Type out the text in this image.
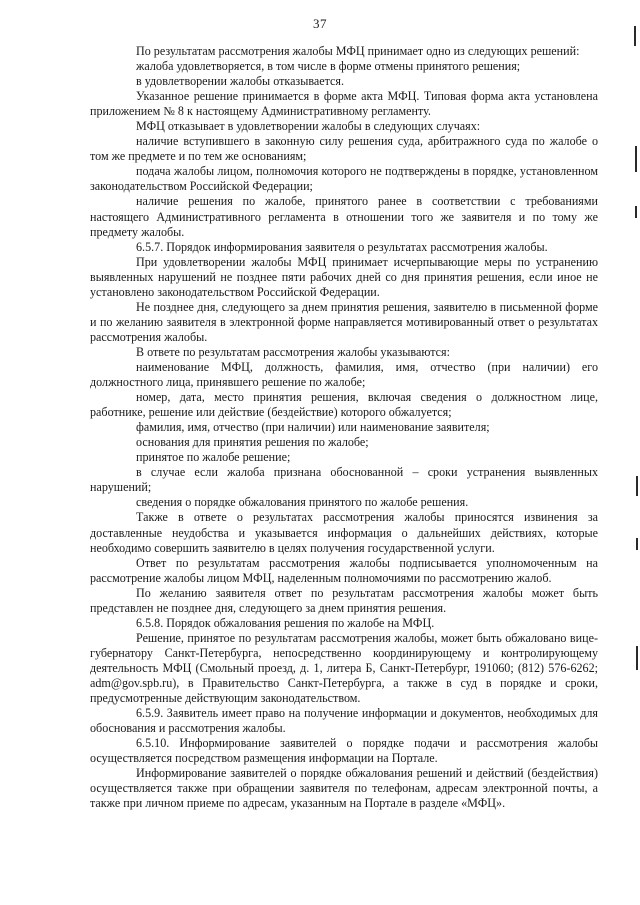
37

По результатам рассмотрения жалобы МФЦ принимает одно из следующих решений:

жалоба удовлетворяется, в том числе в форме отмены принятого решения;

в удовлетворении жалобы отказывается.

Указанное решение принимается в форме акта МФЦ. Типовая форма акта установлена приложением № 8 к настоящему Административному регламенту.

МФЦ отказывает в удовлетворении жалобы в следующих случаях:

наличие вступившего в законную силу решения суда, арбитражного суда по жалобе о том же предмете и по тем же основаниям;

подача жалобы лицом, полномочия которого не подтверждены в порядке, установленном законодательством Российской Федерации;

наличие решения по жалобе, принятого ранее в соответствии с требованиями настоящего Административного регламента в отношении того же заявителя и по тому же предмету жалобы.

6.5.7. Порядок информирования заявителя о результатах рассмотрения жалобы.

При удовлетворении жалобы МФЦ принимает исчерпывающие меры по устранению выявленных нарушений не позднее пяти рабочих дней со дня принятия решения, если иное не установлено законодательством Российской Федерации.

Не позднее дня, следующего за днем принятия решения, заявителю в письменной форме и по желанию заявителя в электронной форме направляется мотивированный ответ о результатах рассмотрения жалобы.

В ответе по результатам рассмотрения жалобы указываются:

наименование МФЦ, должность, фамилия, имя, отчество (при наличии) его должностного лица, принявшего решение по жалобе;

номер, дата, место принятия решения, включая сведения о должностном лице, работнике, решение или действие (бездействие) которого обжалуется;

фамилия, имя, отчество (при наличии) или наименование заявителя;

основания для принятия решения по жалобе;

принятое по жалобе решение;

в случае если жалоба признана обоснованной – сроки устранения выявленных нарушений;

сведения о порядке обжалования принятого по жалобе решения.

Также в ответе о результатах рассмотрения жалобы приносятся извинения за доставленные неудобства и указывается информация о дальнейших действиях, которые необходимо совершить заявителю в целях получения государственной услуги.

Ответ по результатам рассмотрения жалобы подписывается уполномоченным на рассмотрение жалобы лицом МФЦ, наделенным полномочиями по рассмотрению жалоб.

По желанию заявителя ответ по результатам рассмотрения жалобы может быть представлен не позднее дня, следующего за днем принятия решения.

6.5.8. Порядок обжалования решения по жалобе на МФЦ.

Решение, принятое по результатам рассмотрения жалобы, может быть обжаловано вице-губернатору Санкт-Петербурга, непосредственно координирующему и контролирующему деятельность МФЦ (Смольный проезд, д. 1, литера Б, Санкт-Петербург, 191060; (812) 576-6262; adm@gov.spb.ru), в Правительство Санкт-Петербурга, а также в суд в порядке и сроки, предусмотренные действующим законодательством.

6.5.9. Заявитель имеет право на получение информации и документов, необходимых для обоснования и рассмотрения жалобы.

6.5.10. Информирование заявителей о порядке подачи и рассмотрения жалобы осуществляется посредством размещения информации на Портале.

Информирование заявителей о порядке обжалования решений и действий (бездействия) осуществляется также при обращении заявителя по телефонам, адресам электронной почты, а также при личном приеме по адресам, указанным на Портале в разделе «МФЦ».
